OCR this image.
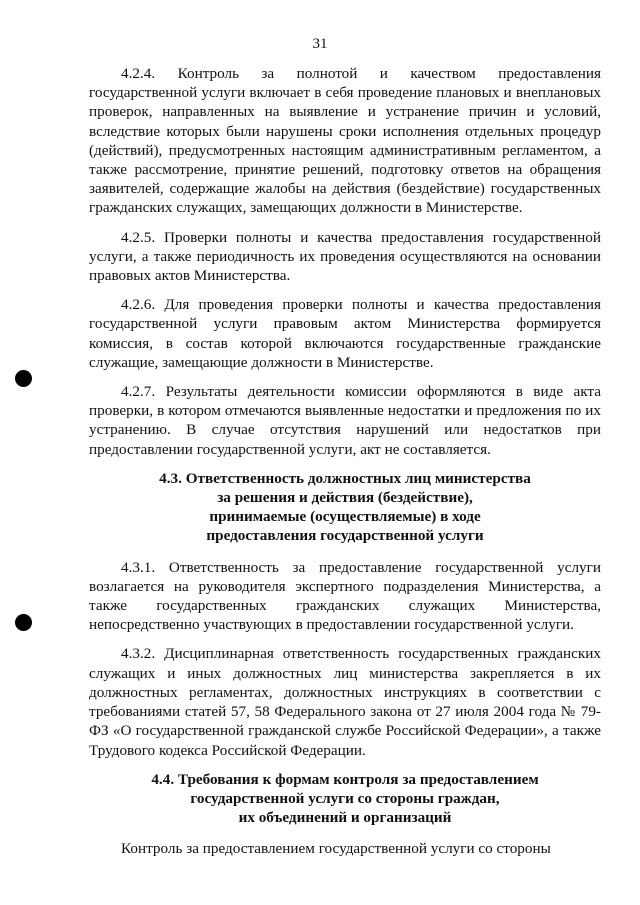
31

4.2.4. Контроль за полнотой и качеством предоставления государственной услуги включает в себя проведение плановых и внеплановых проверок, направленных на выявление и устранение причин и условий, вследствие которых были нарушены сроки исполнения отдельных процедур (действий), предусмотренных настоящим административным регламентом, а также рассмотрение, принятие решений, подготовку ответов на обращения заявителей, содержащие жалобы на действия (бездействие) государственных гражданских служащих, замещающих должности в Министерстве.

4.2.5. Проверки полноты и качества предоставления государственной услуги, а также периодичность их проведения осуществляются на основании правовых актов Министерства.

4.2.6. Для проведения проверки полноты и качества предоставления государственной услуги правовым актом Министерства формируется комиссия, в состав которой включаются государственные гражданские служащие, замещающие должности в Министерстве.

4.2.7. Результаты деятельности комиссии оформляются в виде акта проверки, в котором отмечаются выявленные недостатки и предложения по их устранению. В случае отсутствия нарушений или недостатков при предоставлении государственной услуги, акт не составляется.

4.3. Ответственность должностных лиц министерства
за решения и действия (бездействие),
принимаемые (осуществляемые) в ходе
предоставления государственной услуги

4.3.1. Ответственность за предоставление государственной услуги возлагается на руководителя экспертного подразделения Министерства, а также государственных гражданских служащих Министерства, непосредственно участвующих в предоставлении государственной услуги.

4.3.2. Дисциплинарная ответственность государственных гражданских служащих и иных должностных лиц министерства закрепляется в их должностных регламентах, должностных инструкциях в соответствии с требованиями статей 57, 58 Федерального закона от 27 июля 2004 года № 79-ФЗ «О государственной гражданской службе Российской Федерации», а также Трудового кодекса Российской Федерации.

4.4. Требования к формам контроля за предоставлением
государственной услуги со стороны граждан,
их объединений и организаций

Контроль за предоставлением государственной услуги со стороны
